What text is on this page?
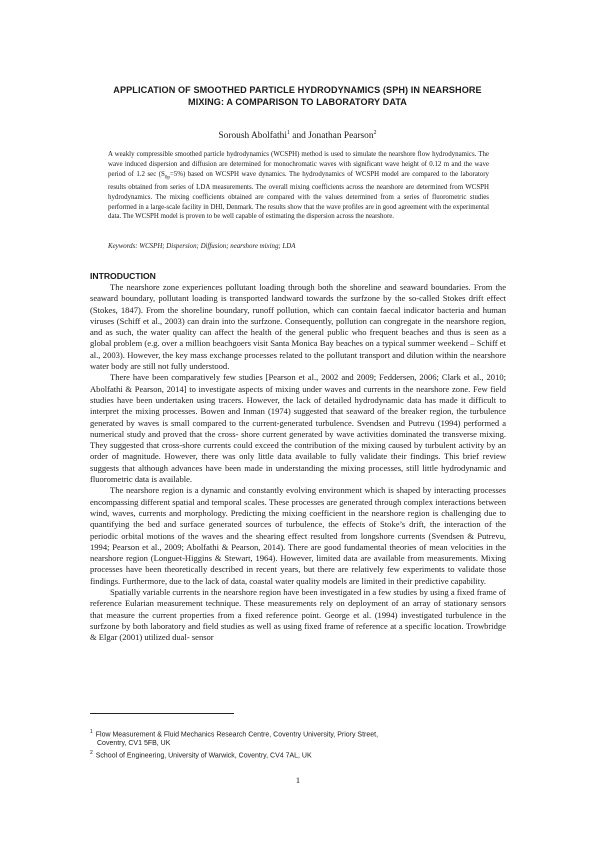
APPLICATION OF SMOOTHED PARTICLE HYDRODYNAMICS (SPH) IN NEARSHORE MIXING: A COMPARISON TO LABORATORY DATA
Soroush Abolfathi$^1$ and Jonathan Pearson$^2$

A weakly compressible smoothed particle hydrodynamics (WCSPH) method is used to simulate the nearshore flow hydrodynamics. The wave induced dispersion and diffusion are determined for monochromatic waves with significant wave height of 0.12 m and the wave period of 1.2 $\sec (S_{0p}=5\%)$ based on WCSPH wave dynamics. The hydrodynamics of WCSPH model are compared to the laboratory results obtained from series of LDA measurements. The overall mixing coefficients across the nearshore are determined from WCSPH hydrodynamics. The mixing coefficients obtained are compared with the values determined from a series of fluorometric studies performed in a large-scale facility in DHI, Denmark. The results show that the wave profiles are in good agreement with the experimental data. The WCSPH model is proven to be well capable of estimating the dispersion across the nearshore.

Keywords: WCSPH; Dispersion; Diffusion; nearshore mixing; LDA
INTRODUCTION

The nearshore zone experiences pollutant loading through both the shoreline and seaward boundaries. From the seaward boundary, pollutant loading is transported landward towards the surfzone by the so-called Stokes drift effect (Stokes, 1847). From the shoreline boundary, runoff pollution, which can contain faecal indicator bacteria and human viruses (Schiff et al., 2003) can drain into the surfzone. Consequently, pollution can congregate in the nearshore region, and as such, the water quality can affect the health of the general public who frequent beaches and thus is seen as a global problem (e.g. over a million beachgoers visit Santa Monica Bay beaches on a typical summer weekend – Schiff et al., 2003). However, the key mass exchange processes related to the pollutant transport and dilution within the nearshore water body are still not fully understood.

There have been comparatively few studies [Pearson et al., 2002 and 2009; Feddersen, 2006; Clark et al., 2010; Abolfathi & Pearson, 2014] to investigate aspects of mixing under waves and currents in the nearshore zone. Few field studies have been undertaken using tracers. However, the lack of detailed hydrodynamic data has made it difficult to interpret the mixing processes. Bowen and Inman (1974) suggested that seaward of the breaker region, the turbulence generated by waves is small compared to the current-generated turbulence. Svendsen and Putrevu (1994) performed a numerical study and proved that the cross- shore current generated by wave activities dominated the transverse mixing. They suggested that cross-shore currents could exceed the contribution of the mixing caused by turbulent activity by an order of magnitude. However, there was only little data available to fully validate their findings. This brief review suggests that although advances have been made in understanding the mixing processes, still little hydrodynamic and fluorometric data is available.

The nearshore region is a dynamic and constantly evolving environment which is shaped by interacting processes encompassing different spatial and temporal scales. These processes are generated through complex interactions between wind, waves, currents and morphology. Predicting the mixing coefficient in the nearshore region is challenging due to quantifying the bed and surface generated sources of turbulence, the effects of Stoke’s drift, the interaction of the periodic orbital motions of the waves and the shearing effect resulted from longshore currents (Svendsen & Putrevu, 1994; Pearson et al., 2009; Abolfathi & Pearson, 2014). There are good fundamental theories of mean velocities in the nearshore region (Longuet-Higgins & Stewart, 1964). However, limited data are available from measurements. Mixing processes have been theoretically described in recent years, but there are relatively few experiments to validate those findings. Furthermore, due to the lack of data, coastal water quality models are limited in their predictive capability.

Spatially variable currents in the nearshore region have been investigated in a few studies by using a fixed frame of reference Eularian measurement technique. These measurements rely on deployment of an array of stationary sensors that measure the current properties from a fixed reference point. George et al. (1994) investigated turbulence in the surfzone by both laboratory and field studies as well as using fixed frame of reference at a specific location. Trowbridge & Elgar (2001) utilized dual- sensor

$^1$ Flow Measurement & Fluid Mechanics Research Centre, Coventry University, Priory Street, Coventry, CV1 5FB, UK
$^2$ School of Engineering, University of Warwick, Coventry, CV4 7AL, UK
1
